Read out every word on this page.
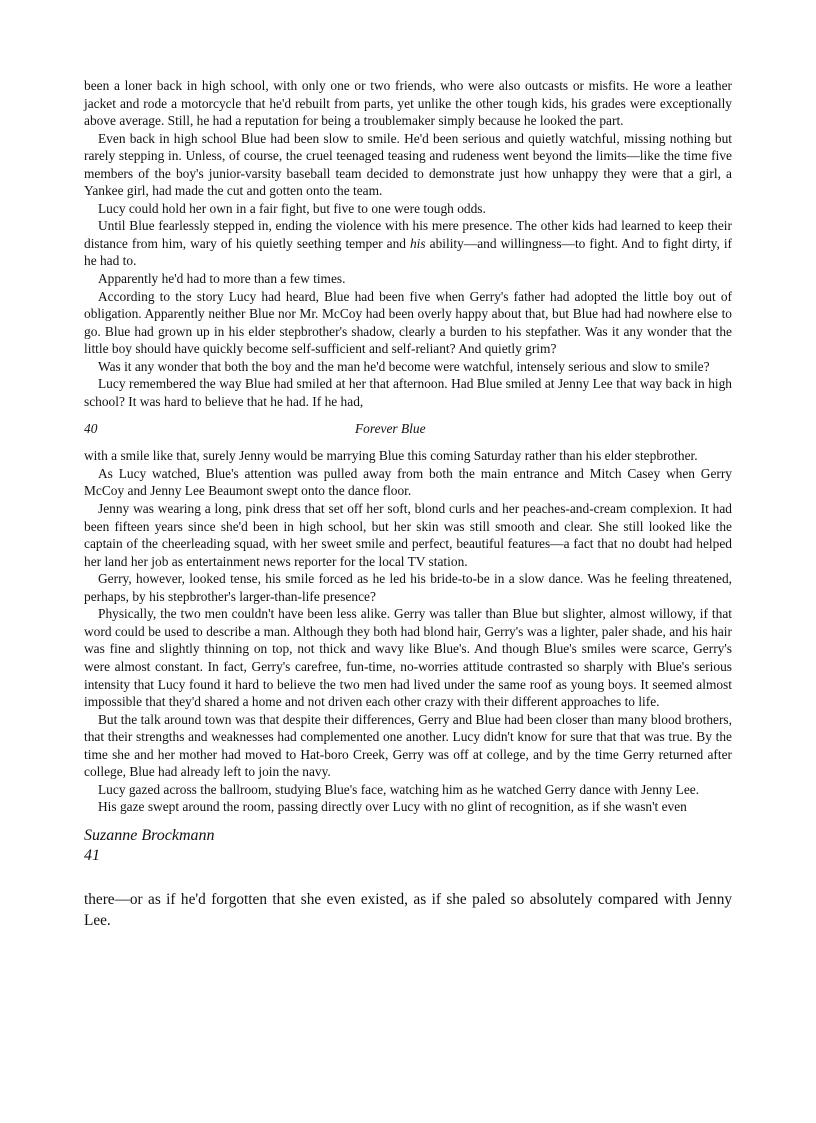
been a loner back in high school, with only one or two friends, who were also outcasts or misfits. He wore a leather jacket and rode a motorcycle that he'd rebuilt from parts, yet unlike the other tough kids, his grades were exceptionally above average. Still, he had a reputation for being a troublemaker simply because he looked the part.

Even back in high school Blue had been slow to smile. He'd been serious and quietly watchful, missing nothing but rarely stepping in. Unless, of course, the cruel teenaged teasing and rudeness went beyond the limits—like the time five members of the boy's junior-varsity baseball team decided to demonstrate just how unhappy they were that a girl, a Yankee girl, had made the cut and gotten onto the team.

Lucy could hold her own in a fair fight, but five to one were tough odds.

Until Blue fearlessly stepped in, ending the violence with his mere presence. The other kids had learned to keep their distance from him, wary of his quietly seething temper and his ability—and willingness—to fight. And to fight dirty, if he had to.

Apparently he'd had to more than a few times.

According to the story Lucy had heard, Blue had been five when Gerry's father had adopted the little boy out of obligation. Apparently neither Blue nor Mr. McCoy had been overly happy about that, but Blue had had nowhere else to go. Blue had grown up in his elder stepbrother's shadow, clearly a burden to his stepfather. Was it any wonder that the little boy should have quickly become self-sufficient and self-reliant? And quietly grim?

Was it any wonder that both the boy and the man he'd become were watchful, intensely serious and slow to smile?

Lucy remembered the way Blue had smiled at her that afternoon. Had Blue smiled at Jenny Lee that way back in high school? It was hard to believe that he had. If he had,

40	Forever Blue

with a smile like that, surely Jenny would be marrying Blue this coming Saturday rather than his elder stepbrother.

As Lucy watched, Blue's attention was pulled away from both the main entrance and Mitch Casey when Gerry McCoy and Jenny Lee Beaumont swept onto the dance floor.

Jenny was wearing a long, pink dress that set off her soft, blond curls and her peaches-and-cream complexion. It had been fifteen years since she'd been in high school, but her skin was still smooth and clear. She still looked like the captain of the cheerleading squad, with her sweet smile and perfect, beautiful features—a fact that no doubt had helped her land her job as entertainment news reporter for the local TV station.

Gerry, however, looked tense, his smile forced as he led his bride-to-be in a slow dance. Was he feeling threatened, perhaps, by his stepbrother's larger-than-life presence?

Physically, the two men couldn't have been less alike. Gerry was taller than Blue but slighter, almost willowy, if that word could be used to describe a man. Although they both had blond hair, Gerry's was a lighter, paler shade, and his hair was fine and slightly thinning on top, not thick and wavy like Blue's. And though Blue's smiles were scarce, Gerry's were almost constant. In fact, Gerry's carefree, fun-time, no-worries attitude contrasted so sharply with Blue's serious intensity that Lucy found it hard to believe the two men had lived under the same roof as young boys. It seemed almost impossible that they'd shared a home and not driven each other crazy with their different approaches to life.

But the talk around town was that despite their differences, Gerry and Blue had been closer than many blood brothers, that their strengths and weaknesses had complemented one another. Lucy didn't know for sure that that was true. By the time she and her mother had moved to Hat-boro Creek, Gerry was off at college, and by the time Gerry returned after college, Blue had already left to join the navy.

Lucy gazed across the ballroom, studying Blue's face, watching him as he watched Gerry dance with Jenny Lee.

His gaze swept around the room, passing directly over Lucy with no glint of recognition, as if she wasn't even

Suzanne Brockmann
41

there—or as if he'd forgotten that she even existed, as if she paled so absolutely compared with Jenny Lee.
